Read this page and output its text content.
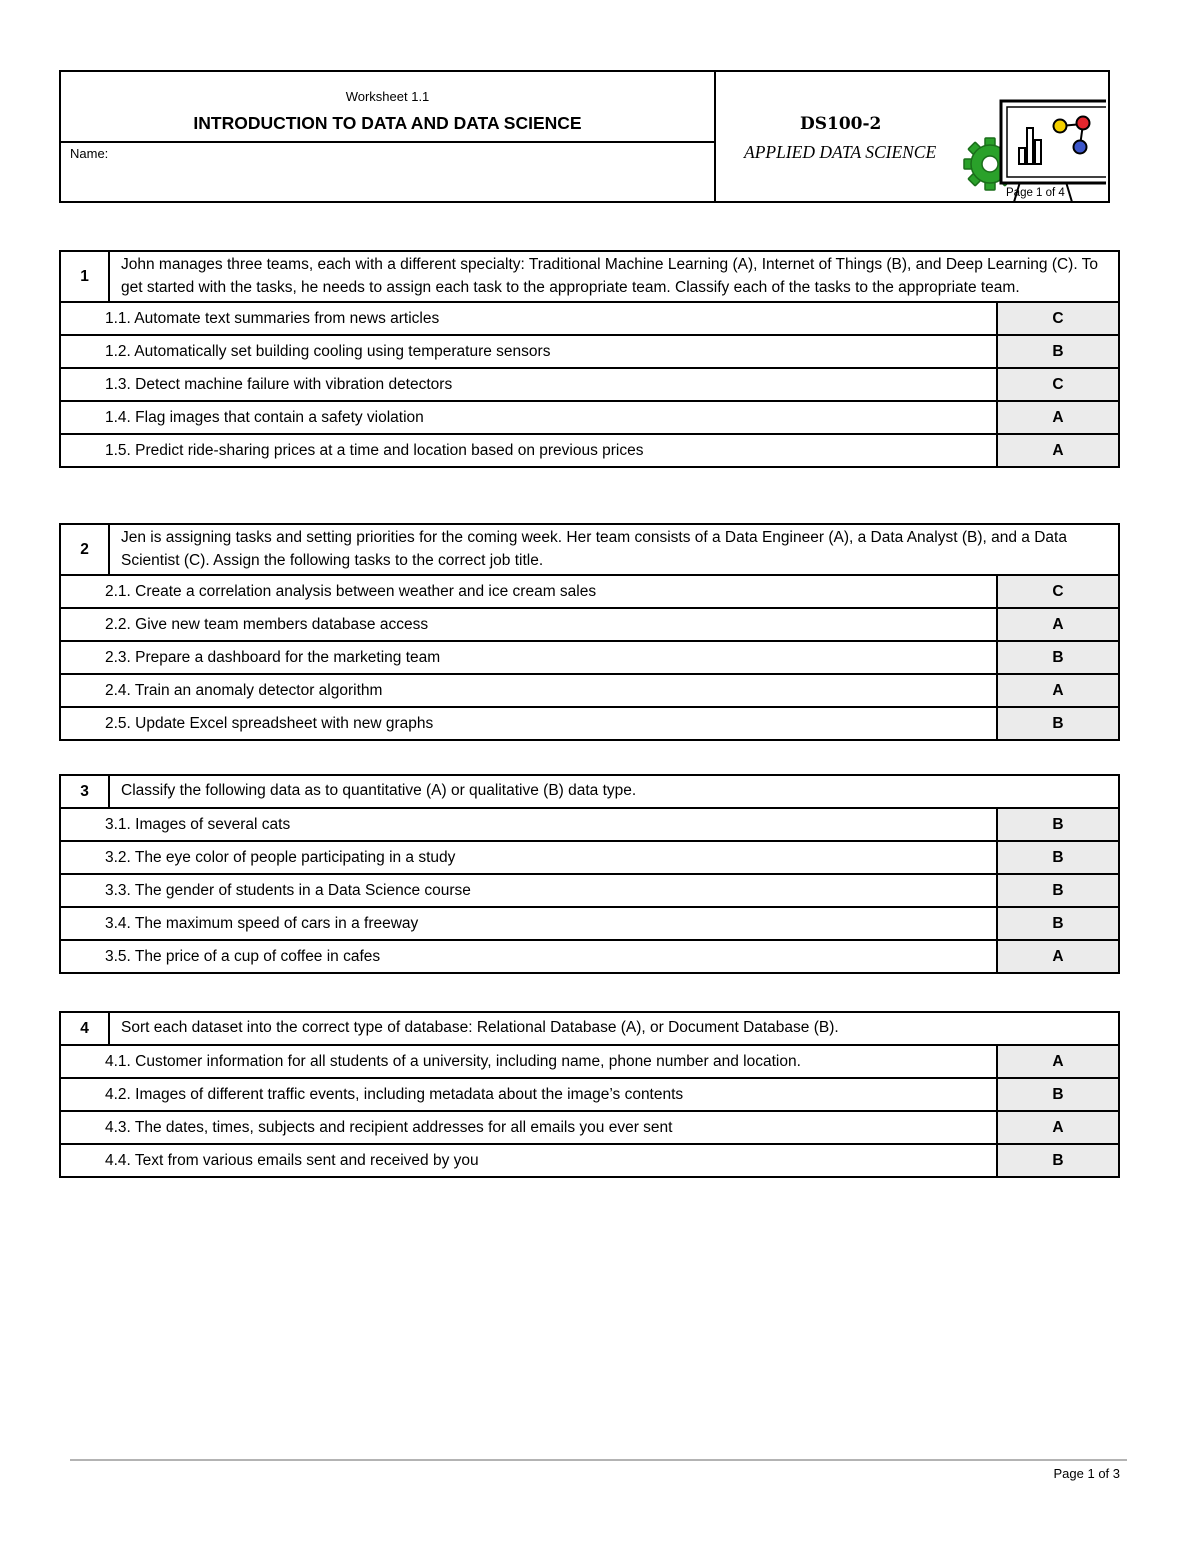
Worksheet 1.1
INTRODUCTION TO DATA AND DATA SCIENCE
Name:
DS100-2
APPLIED DATA SCIENCE
Page 1 of 4
1	John manages three teams, each with a different specialty: Traditional Machine Learning (A), Internet of Things (B), and Deep Learning (C). To get started with the tasks, he needs to assign each task to the appropriate team. Classify each of the tasks to the appropriate team.	
1.1. Automate text summaries from news articles		C
1.2. Automatically set building cooling using temperature sensors		B
1.3. Detect machine failure with vibration detectors		C
1.4. Flag images that contain a safety violation		A
1.5. Predict ride-sharing prices at a time and location based on previous prices		A
2	Jen is assigning tasks and setting priorities for the coming week. Her team consists of a Data Engineer (A), a Data Analyst (B), and a Data Scientist (C). Assign the following tasks to the correct job title.	
2.1. Create a correlation analysis between weather and ice cream sales		C
2.2. Give new team members database access		A
2.3. Prepare a dashboard for the marketing team		B
2.4. Train an anomaly detector algorithm		A
2.5. Update Excel spreadsheet with new graphs		B
3	Classify the following data as to quantitative (A) or qualitative (B) data type.	
3.1. Images of several cats		B
3.2. The eye color of people participating in a study		B
3.3. The gender of students in a Data Science course		B
3.4. The maximum speed of cars in a freeway		B
3.5. The price of a cup of coffee in cafes		A
4	Sort each dataset into the correct type of database: Relational Database (A), or Document Database (B).	
4.1. Customer information for all students of a university, including name, phone number and location.		A
4.2. Images of different traffic events, including metadata about the image’s contents		B
4.3. The dates, times, subjects and recipient addresses for all emails you ever sent		A
4.4. Text from various emails sent and received by you		B
Page 1 of 3
